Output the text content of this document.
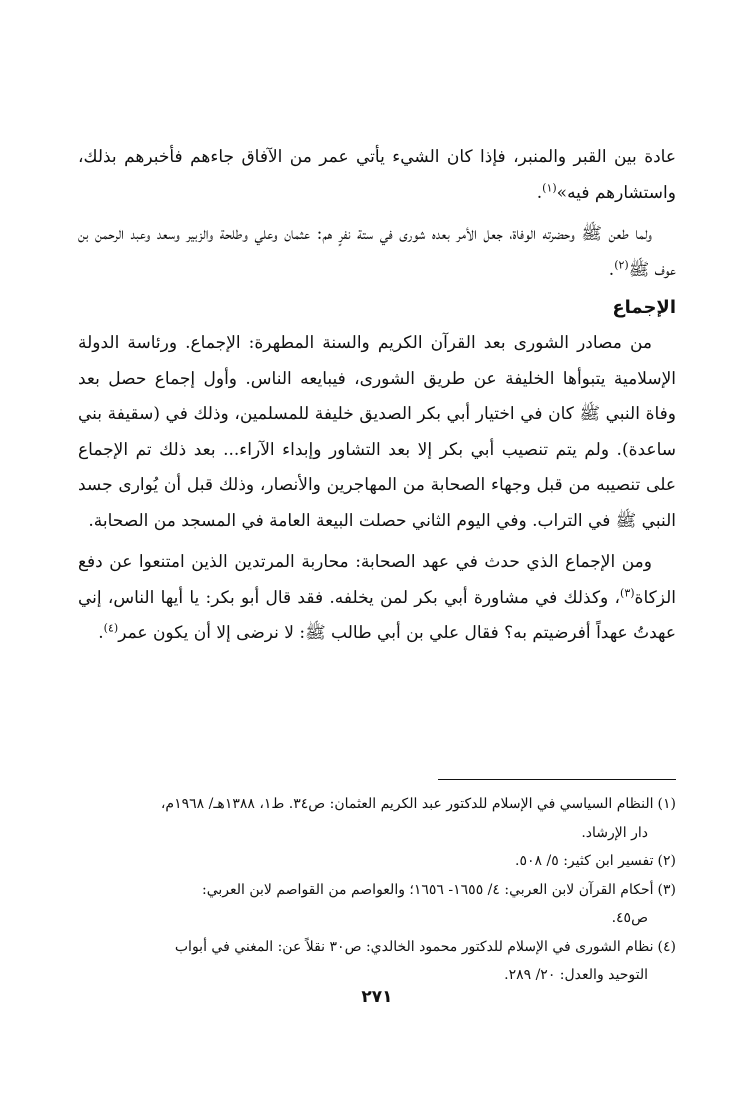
عادة بين القبر والمنبر، فإذا كان الشيء يأتي عمر من الآفاق جاءهم فأخبرهم بذلك، واستشارهم فيه»$^{(١)}$.

ولما طعن ﷺ وحضرته الوفاة، جعل الأمر بعده شورى في ستة نفرٍ هم: عثمان وعلي وطلحة والزبير وسعد وعبد الرحمن بن عوف ﷺ$^{(٢)}$.

الإجماع

من مصادر الشورى بعد القرآن الكريم والسنة المطهرة: الإجماع. ورئاسة الدولة الإسلامية يتبوأها الخليفة عن طريق الشورى، فيبايعه الناس. وأول إجماع حصل بعد وفاة النبي ﷺ كان في اختيار أبي بكر الصديق خليفة للمسلمين، وذلك في (سقيفة بني ساعدة). ولم يتم تنصيب أبي بكر إلا بعد التشاور وإبداء الآراء... بعد ذلك تم الإجماع على تنصيبه من قبل وجهاء الصحابة من المهاجرين والأنصار، وذلك قبل أن يُوارى جسد النبي ﷺ في التراب. وفي اليوم الثاني حصلت البيعة العامة في المسجد من الصحابة.

ومن الإجماع الذي حدث في عهد الصحابة: محاربة المرتدين الذين امتنعوا عن دفع الزكاة$^{(٣)}$، وكذلك في مشاورة أبي بكر لمن يخلفه. فقد قال أبو بكر: يا أيها الناس، إني عهدتُ عهداً أفرضيتم به؟ فقال علي بن أبي طالب ﷺ: لا نرضى إلا أن يكون عمر$^{(٤)}$.

(١)النظام السياسي في الإسلام للدكتور عبد الكريم العثمان: ص٣٤. ط١، ١٣٨٨هـ/ ١٩٦٨م،

دار الإرشاد.

(٢)تفسير ابن كثير: ٥/ ٥٠٨.

(٣)أحكام القرآن لابن العربي: ٤/ ١٦٥٥- ١٦٥٦؛ والعواصم من القواصم لابن العربي:

ص٤٥.

(٤)نظام الشورى في الإسلام للدكتور محمود الخالدي: ص٣٠ نقلاً عن: المغني في أبواب

التوحيد والعدل: ٢٠/ ٢٨٩.

٢٧١
